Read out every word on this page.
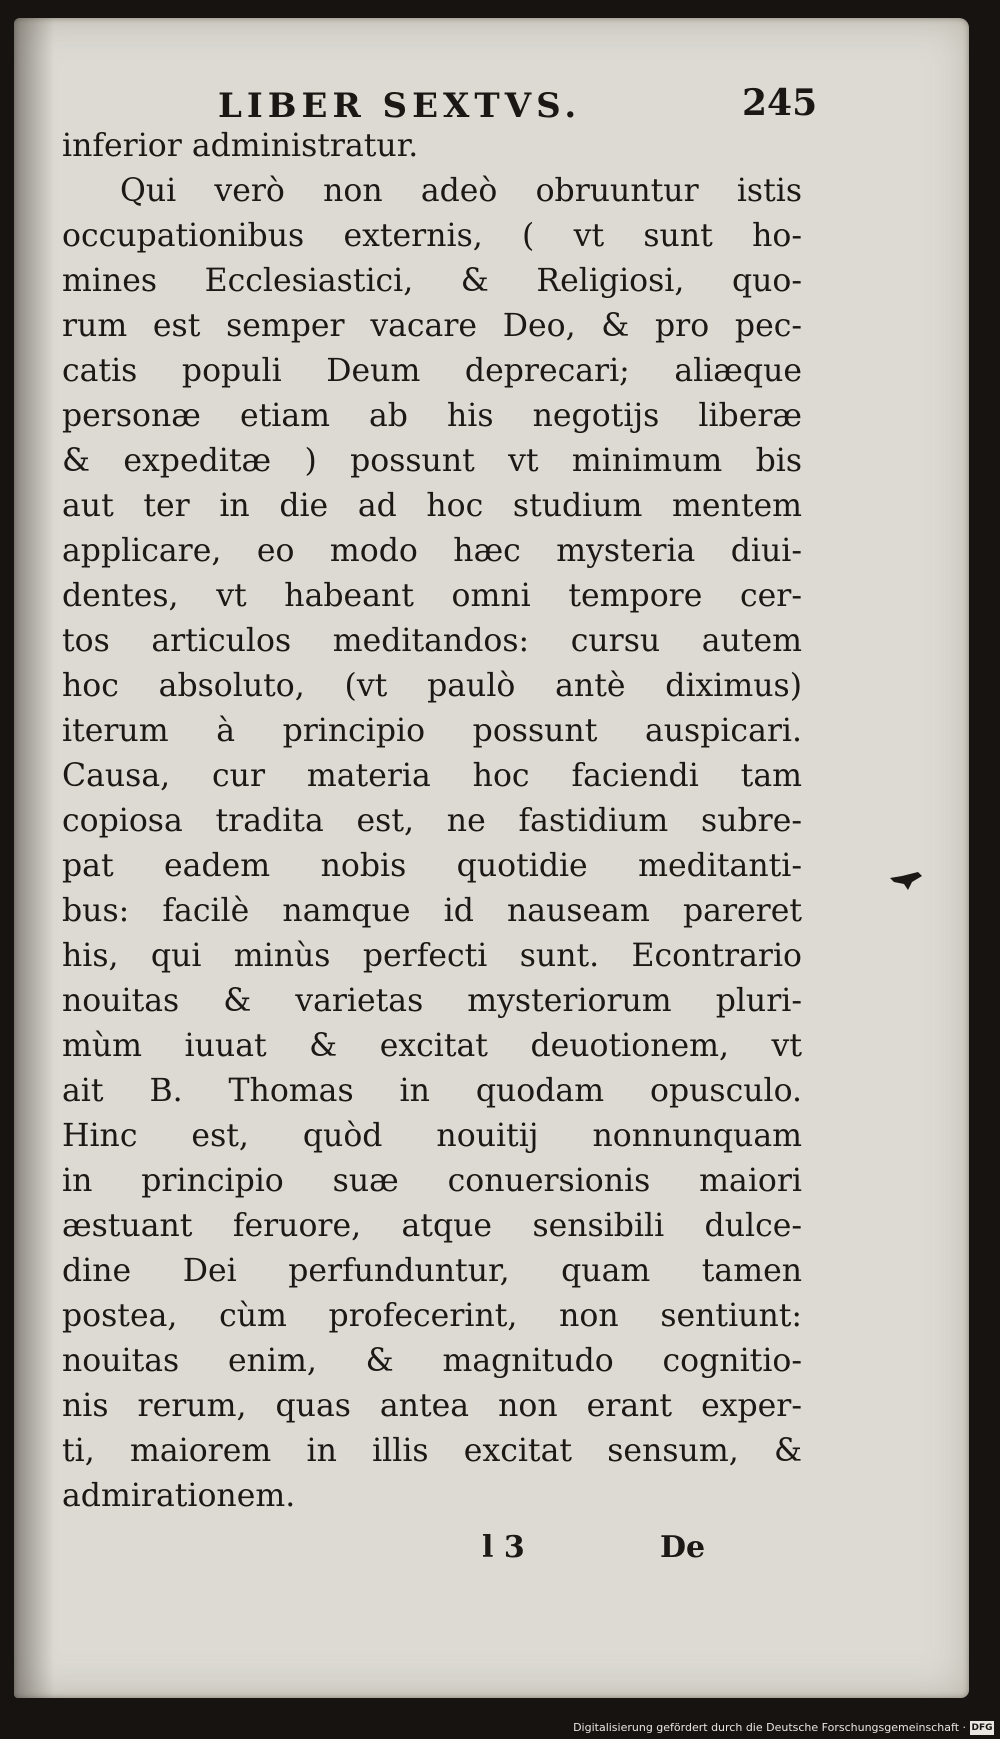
LIBER SEXTVS.	245
inferior administratur.
Qui verò non adeò obruuntur istis
occupationibus externis, ( vt sunt ho-
mines Ecclesiastici, & Religiosi, quo-
rum est semper vacare Deo, & pro pec-
catis populi Deum deprecari; aliæque
personæ etiam ab his negotijs liberæ
& expeditæ ) possunt vt minimum bis
aut ter in die ad hoc studium mentem
applicare, eo modo hæc mysteria diui-
dentes, vt habeant omni tempore cer-
tos articulos meditandos: cursu autem
hoc absoluto, (vt paulò antè diximus)
iterum à principio possunt auspicari.
Causa, cur materia hoc faciendi tam
copiosa tradita est, ne fastidium subre-
pat eadem nobis quotidie meditanti-
bus: facilè namque id nauseam pareret
his, qui minùs perfecti sunt. Econtrario
nouitas & varietas mysteriorum pluri-
mùm iuuat & excitat deuotionem, vt
ait B. Thomas in quodam opusculo.
Hinc est, quòd nouitij nonnunquam
in principio suæ conuersionis maiori
æstuant feruore, atque sensibili dulce-
dine Dei perfunduntur, quam tamen
postea, cùm profecerint, non sentiunt:
nouitas enim, & magnitudo cognitio-
nis rerum, quas antea non erant exper-
ti, maiorem in illis excitat sensum, &
admirationem.
l 3	De
Digitalisierung gefördert durch die Deutsche Forschungsgemeinschaft · DFG
